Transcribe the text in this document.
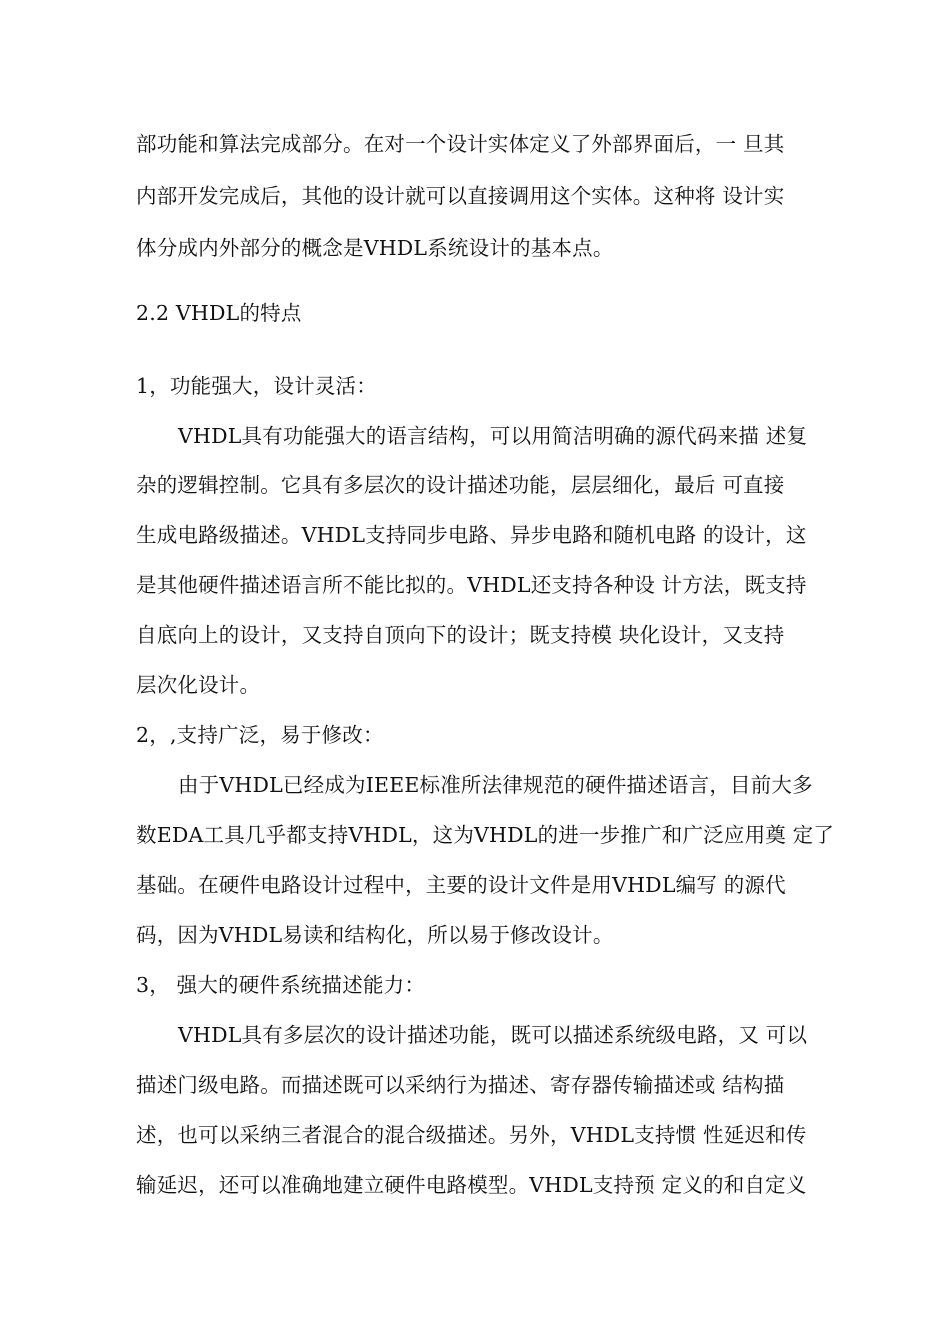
部功能和算法完成部分。在对一个设计实体定义了外部界面后，一 旦其
内部开发完成后，其他的设计就可以直接调用这个实体。这种将 设计实
体分成内外部分的概念是VHDL系统设计的基本点。
2.2 VHDL的特点
1，功能强大，设计灵活：
VHDL具有功能强大的语言结构，可以用简洁明确的源代码来描 述复
杂的逻辑控制。它具有多层次的设计描述功能，层层细化，最后 可直接
生成电路级描述。VHDL支持同步电路、异步电路和随机电路 的设计，这
是其他硬件描述语言所不能比拟的。VHDL还支持各种设 计方法，既支持
自底向上的设计，又支持自顶向下的设计；既支持模 块化设计，又支持
层次化设计。
2，,支持广泛，易于修改：
由于VHDL已经成为IEEE标准所法律规范的硬件描述语言，目前大多
数EDA工具几乎都支持VHDL，这为VHDL的进一步推广和广泛应用奠 定了
基础。在硬件电路设计过程中，主要的设计文件是用VHDL编写 的源代
码，因为VHDL易读和结构化，所以易于修改设计。
3， 强大的硬件系统描述能力：
VHDL具有多层次的设计描述功能，既可以描述系统级电路，又 可以
描述门级电路。而描述既可以采纳行为描述、寄存器传输描述或 结构描
述，也可以采纳三者混合的混合级描述。另外，VHDL支持惯 性延迟和传
输延迟，还可以准确地建立硬件电路模型。VHDL支持预 定义的和自定义
